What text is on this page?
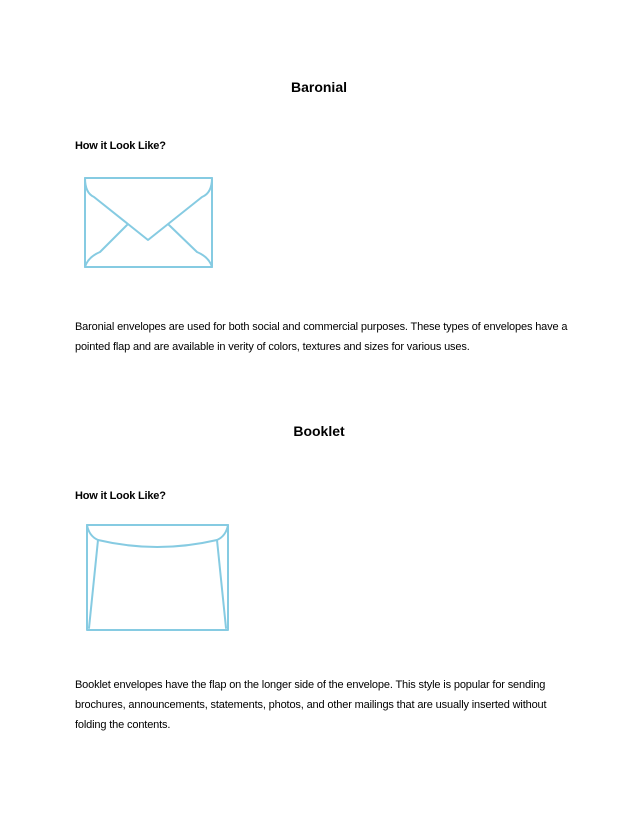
Baronial
How it Look Like?

Baronial envelopes are used for both social and commercial purposes. These types of envelopes have a pointed flap and are available in verity of colors, textures and sizes for various uses.

Booklet
How it Look Like?

Booklet envelopes have the flap on the longer side of the envelope. This style is popular for sending brochures, announcements, statements, photos, and other mailings that are usually inserted without folding the contents.
